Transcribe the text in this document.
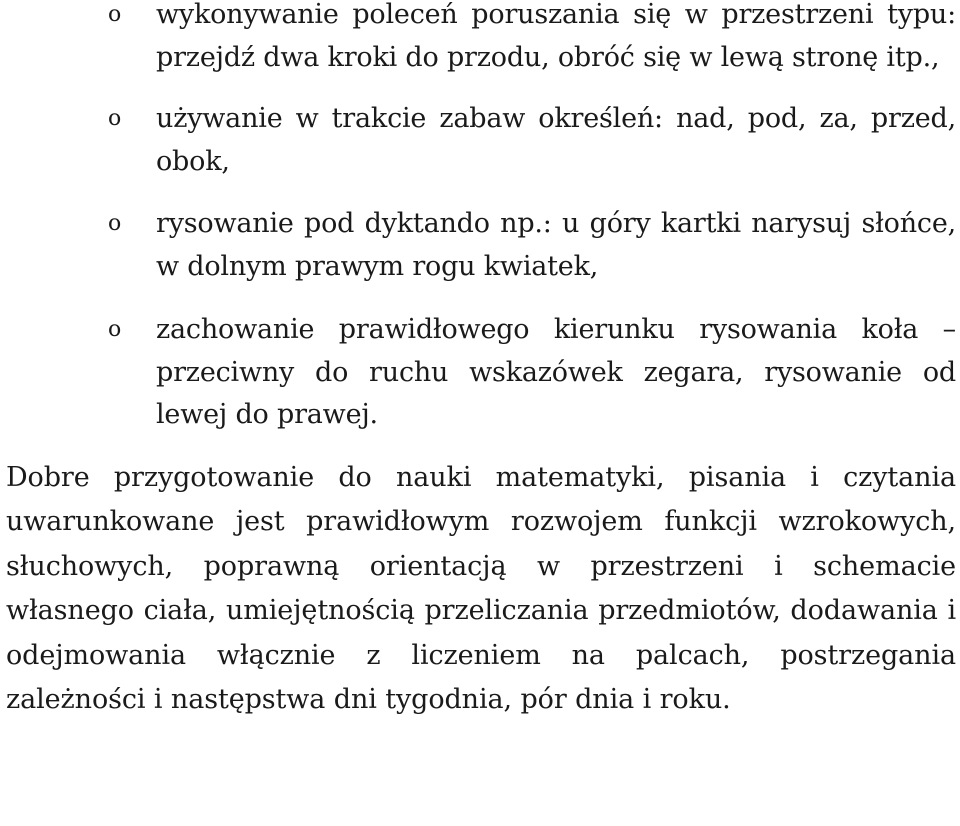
o wykonywanie poleceń poruszania się w przestrzeni typu: przejdź dwa kroki do przodu, obróć się w lewą stronę itp.,
o używanie w trakcie zabaw określeń: nad, pod, za, przed, obok,
o rysowanie pod dyktando np.: u góry kartki narysuj słońce, w dolnym prawym rogu kwiatek,
o zachowanie prawidłowego kierunku rysowania koła – przeciwny do ruchu wskazówek zegara, rysowanie od lewej do prawej.

Dobre przygotowanie do nauki matematyki, pisania i czytania uwarunkowane jest prawidłowym rozwojem funkcji wzrokowych, słuchowych, poprawną orientacją w przestrzeni i schemacie własnego ciała, umiejętnością przeliczania przedmiotów, dodawania i odejmowania włącznie z liczeniem na palcach, postrzegania zależności i następstwa dni tygodnia, pór dnia i roku.
